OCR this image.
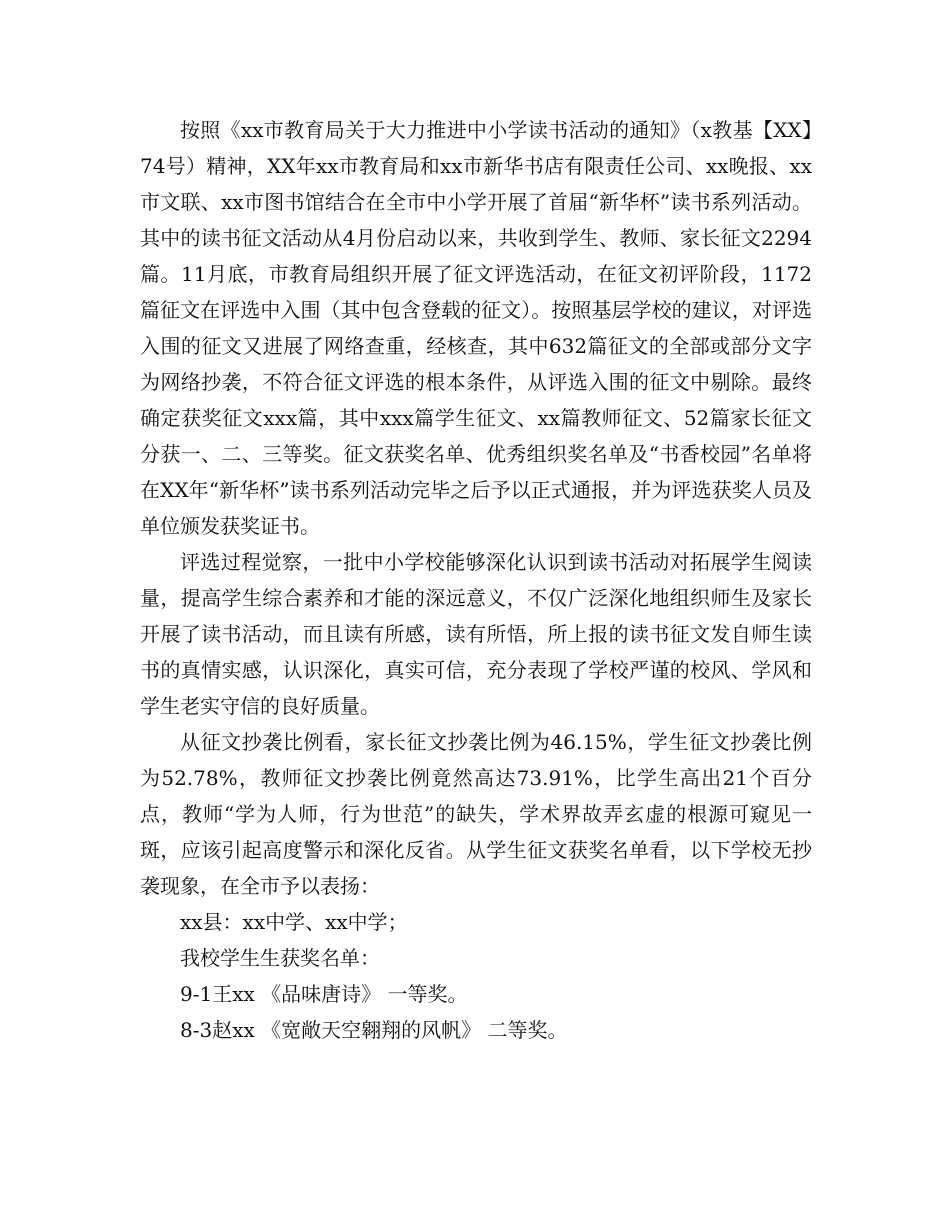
按照《xx市教育局关于大力推进中小学读书活动的通知》（x教基【XX】74号）精神，XX年xx市教育局和xx市新华书店有限责任公司、xx晚报、xx市文联、xx市图书馆结合在全市中小学开展了首届“新华杯”读书系列活动。其中的读书征文活动从4月份启动以来，共收到学生、教师、家长征文2294篇。11月底，市教育局组织开展了征文评选活动，在征文初评阶段，1172篇征文在评选中入围（其中包含登载的征文）。按照基层学校的建议，对评选入围的征文又进展了网络查重，经核查，其中632篇征文的全部或部分文字为网络抄袭，不符合征文评选的根本条件，从评选入围的征文中剔除。最终确定获奖征文xxx篇，其中xxx篇学生征文、xx篇教师征文、52篇家长征文分获一、二、三等奖。征文获奖名单、优秀组织奖名单及“书香校园”名单将在XX年“新华杯”读书系列活动完毕之后予以正式通报，并为评选获奖人员及单位颁发获奖证书。

评选过程觉察，一批中小学校能够深化认识到读书活动对拓展学生阅读量，提高学生综合素养和才能的深远意义，不仅广泛深化地组织师生及家长开展了读书活动，而且读有所感，读有所悟，所上报的读书征文发自师生读书的真情实感，认识深化，真实可信，充分表现了学校严谨的校风、学风和学生老实守信的良好质量。

从征文抄袭比例看，家长征文抄袭比例为46.15%，学生征文抄袭比例为52.78%，教师征文抄袭比例竟然高达73.91%，比学生高出21个百分点，教师“学为人师，行为世范”的缺失，学术界故弄玄虚的根源可窥见一斑，应该引起高度警示和深化反省。从学生征文获奖名单看，以下学校无抄袭现象，在全市予以表扬：

xx县：xx中学、xx中学；

我校学生生获奖名单：

9-1王xx 《品味唐诗》 一等奖。

8-3赵xx 《宽敞天空翱翔的风帆》 二等奖。
